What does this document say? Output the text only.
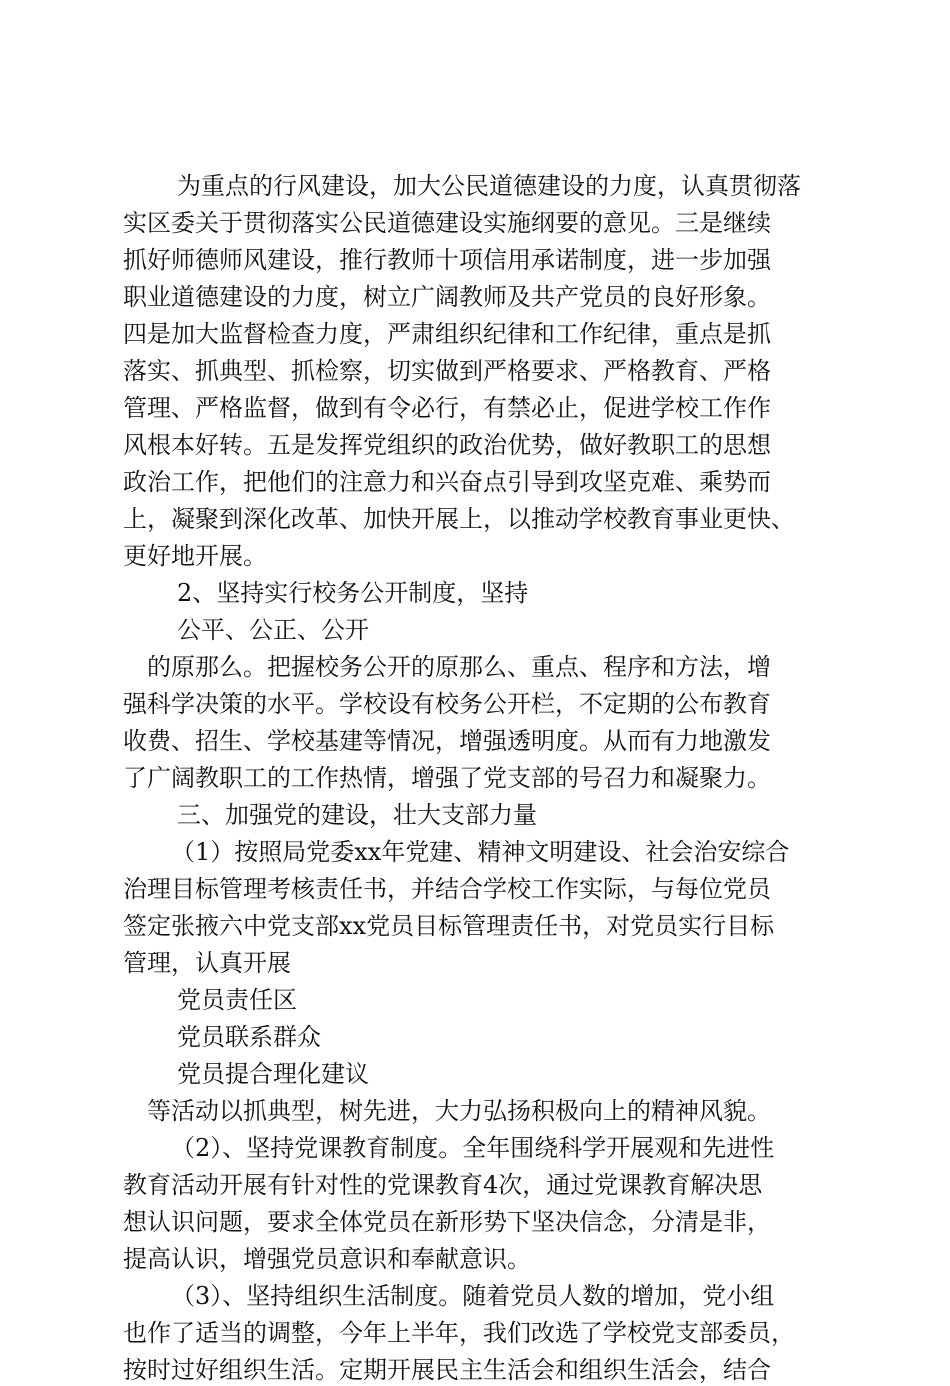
为重点的行风建设，加大公民道德建设的力度，认真贯彻落
实区委关于贯彻落实公民道德建设实施纲要的意见。三是继续
抓好师德师风建设，推行教师十项信用承诺制度，进一步加强
职业道德建设的力度，树立广阔教师及共产党员的良好形象。
四是加大监督检查力度，严肃组织纪律和工作纪律，重点是抓
落实、抓典型、抓检察，切实做到严格要求、严格教育、严格
管理、严格监督，做到有令必行，有禁必止，促进学校工作作
风根本好转。五是发挥党组织的政治优势，做好教职工的思想
政治工作，把他们的注意力和兴奋点引导到攻坚克难、乘势而
上，凝聚到深化改革、加快开展上，以推动学校教育事业更快、
更好地开展。
2、坚持实行校务公开制度，坚持
公平、公正、公开
的原那么。把握校务公开的原那么、重点、程序和方法，增
强科学决策的水平。学校设有校务公开栏，不定期的公布教育
收费、招生、学校基建等情况，增强透明度。从而有力地激发
了广阔教职工的工作热情，增强了党支部的号召力和凝聚力。
三、加强党的建设，壮大支部力量
（1）按照局党委xx年党建、精神文明建设、社会治安综合
治理目标管理考核责任书，并结合学校工作实际，与每位党员
签定张掖六中党支部xx党员目标管理责任书，对党员实行目标
管理，认真开展
党员责任区
党员联系群众
党员提合理化建议
等活动以抓典型，树先进，大力弘扬积极向上的精神风貌。
（2）、坚持党课教育制度。全年围绕科学开展观和先进性
教育活动开展有针对性的党课教育4次，通过党课教育解决思
想认识问题，要求全体党员在新形势下坚决信念，分清是非，
提高认识，增强党员意识和奉献意识。
（3）、坚持组织生活制度。随着党员人数的增加，党小组
也作了适当的调整，今年上半年，我们改选了学校党支部委员，
按时过好组织生活。定期开展民主生活会和组织生活会，结合
